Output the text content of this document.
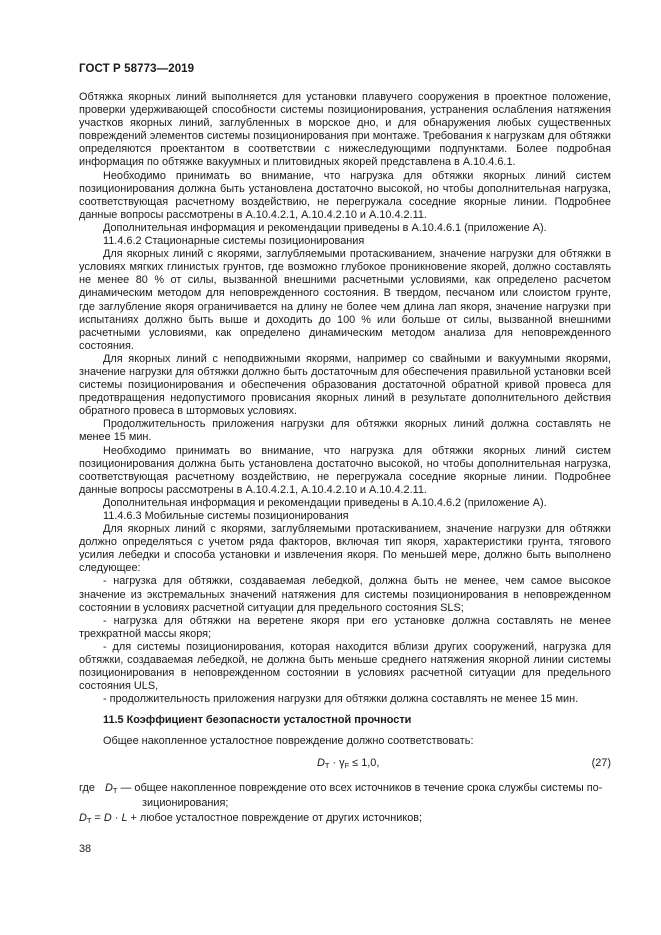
ГОСТ Р 58773—2019

Обтяжка якорных линий выполняется для установки плавучего сооружения в проектное положение, проверки удерживающей способности системы позиционирования, устранения ослабления натяжения участков якорных линий, заглубленных в морское дно, и для обнаружения любых существенных повреждений элементов системы позиционирования при монтаже. Требования к нагрузкам для обтяжки определяются проектантом в соответствии с нижеследующими подпунктами. Более подробная информация по обтяжке вакуумных и плитовидных якорей представлена в А.10.4.6.1.

Необходимо принимать во внимание, что нагрузка для обтяжки якорных линий систем позиционирования должна быть установлена достаточно высокой, но чтобы дополнительная нагрузка, соответствующая расчетному воздействию, не перегружала соседние якорные линии. Подробнее данные вопросы рассмотрены в А.10.4.2.1, А.10.4.2.10 и А.10.4.2.11.

Дополнительная информация и рекомендации приведены в А.10.4.6.1 (приложение А).

11.4.6.2 Стационарные системы позиционирования

Для якорных линий с якорями, заглубляемыми протаскиванием, значение нагрузки для обтяжки в условиях мягких глинистых грунтов, где возможно глубокое проникновение якорей, должно составлять не менее 80 % от силы, вызванной внешними расчетными условиями, как определено расчетом динамическим методом для неповрежденного состояния. В твердом, песчаном или слоистом грунте, где заглубление якоря ограничивается на длину не более чем длина лап якоря, значение нагрузки при испытаниях должно быть выше и доходить до 100 % или больше от силы, вызванной внешними расчетными условиями, как определено динамическим методом анализа для неповрежденного состояния.

Для якорных линий с неподвижными якорями, например со свайными и вакуумными якорями, значение нагрузки для обтяжки должно быть достаточным для обеспечения правильной установки всей системы позиционирования и обеспечения образования достаточной обратной кривой провеса для предотвращения недопустимого провисания якорных линий в результате дополнительного действия обратного провеса в штормовых условиях.

Продолжительность приложения нагрузки для обтяжки якорных линий должна составлять не менее 15 мин.

Необходимо принимать во внимание, что нагрузка для обтяжки якорных линий систем позиционирования должна быть установлена достаточно высокой, но чтобы дополнительная нагрузка, соответствующая расчетному воздействию, не перегружала соседние якорные линии. Подробнее данные вопросы рассмотрены в А.10.4.2.1, А.10.4.2.10 и А.10.4.2.11.

Дополнительная информация и рекомендации приведены в А.10.4.6.2 (приложение А).

11.4.6.3 Мобильные системы позиционирования

Для якорных линий с якорями, заглубляемыми протаскиванием, значение нагрузки для обтяжки должно определяться с учетом ряда факторов, включая тип якоря, характеристики грунта, тягового усилия лебедки и способа установки и извлечения якоря. По меньшей мере, должно быть выполнено следующее:

- нагрузка для обтяжки, создаваемая лебедкой, должна быть не менее, чем самое высокое значение из экстремальных значений натяжения для системы позиционирования в неповрежденном состоянии в условиях расчетной ситуации для предельного состояния SLS;

- нагрузка для обтяжки на веретене якоря при его установке должна составлять не менее трехкратной массы якоря;

- для системы позиционирования, которая находится вблизи других сооружений, нагрузка для обтяжки, создаваемая лебедкой, не должна быть меньше среднего натяжения якорной линии системы позиционирования в неповрежденном состоянии в условиях расчетной ситуации для предельного состояния ULS,

- продолжительность приложения нагрузки для обтяжки должна составлять не менее 15 мин.

11.5 Коэффициент безопасности усталостной прочности

Общее накопленное усталостное повреждение должно соответствовать:

$D_T \cdot \gamma_F \le 1,0$,	(27)
где $D_T$ — общее накопленное повреждение ото всех источников в течение срока службы системы по-
зиционирования;
$D_T = D \cdot L$ + любое усталостное повреждение от других источников;
38
